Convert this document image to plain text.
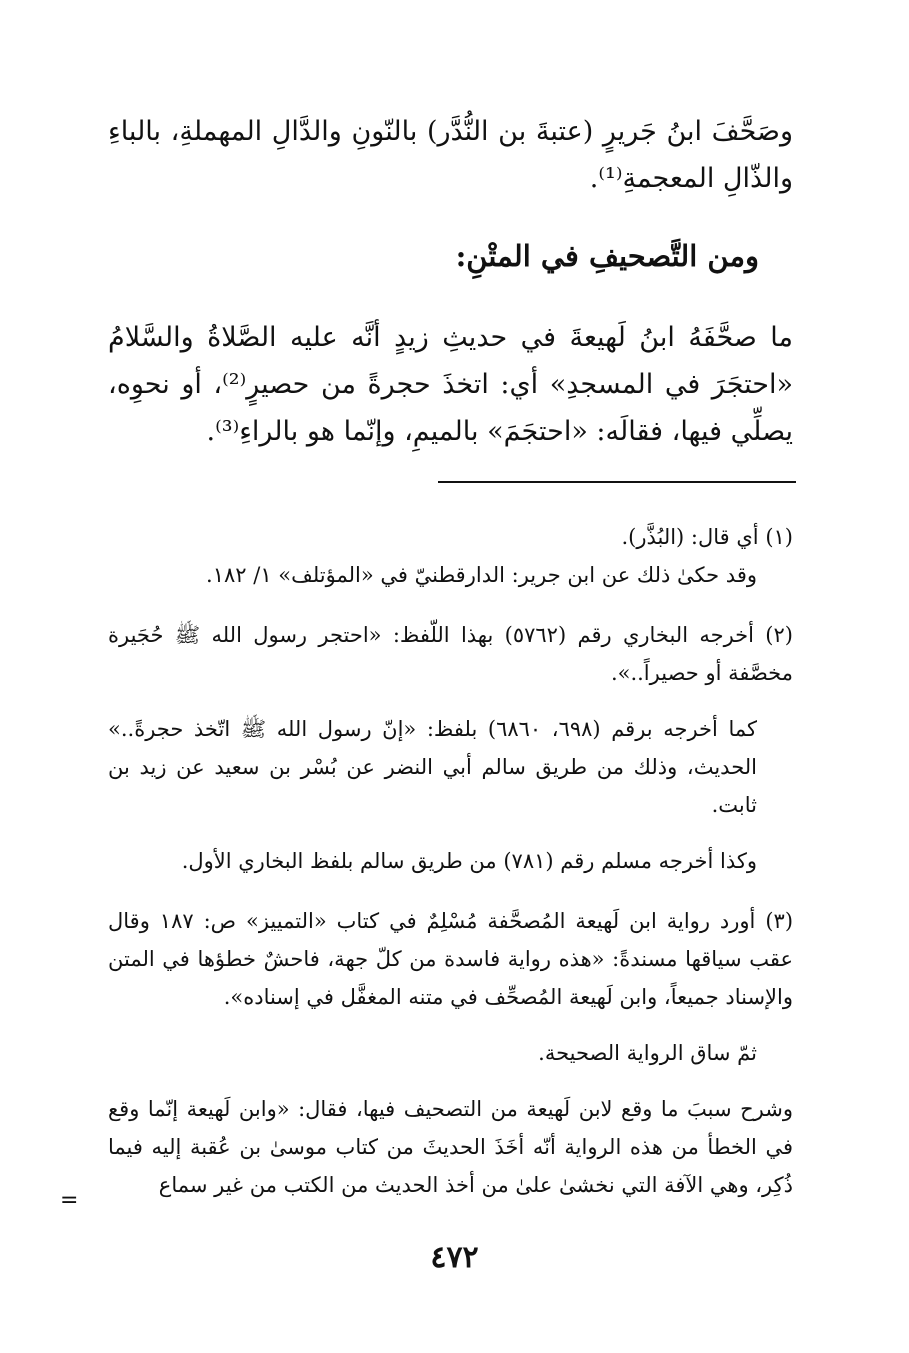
وصَحَّفَ ابنُ جَريرٍ (عتبةَ بن النُّدَّر) بالنّونِ والدَّالِ المهملةِ، بالباءِ والذّالِ المعجمةِ⁽¹⁾.

ومن التَّصحيفِ في المتْنِ:

ما صحَّفَهُ ابنُ لَهيعةَ في حديثِ زيدٍ أنَّه عليه الصَّلاةُ والسَّلامُ «احتجَرَ في المسجدِ» أي: اتخذَ حجرةً من حصيرٍ⁽²⁾، أو نحوِه، يصلِّي فيها، فقالَه: «احتجَمَ» بالميمِ، وإنّما هو بالراءِ⁽³⁾.

(١) أي قال: (البُذَّر).

وقد حكىٰ ذلك عن ابن جرير: الدارقطنيّ في «المؤتلف» ١/ ١٨٢.

(٢) أخرجه البخاري رقم (٥٧٦٢) بهذا اللّفظ: «احتجر رسول الله ﷺ حُجَيرة مخصَّفة أو حصيراً..».

كما أخرجه برقم (٦٩٨، ٦٨٦٠) بلفظ: «إنّ رسول الله ﷺ اتّخذ حجرةً..» الحديث، وذلك من طريق سالم أبي النضر عن بُسْر بن سعيد عن زيد بن ثابت.

وكذا أخرجه مسلم رقم (٧٨١) من طريق سالم بلفظ البخاري الأول.

(٣) أورد رواية ابن لَهيعة المُصحَّفة مُسْلِمٌ في كتاب «التمييز» ص: ١٨٧ وقال عقب سياقها مسندةً: «هذه رواية فاسدة من كلّ جهة، فاحشٌ خطؤها في المتن والإسناد جميعاً، وابن لَهيعة المُصحِّف في متنه المغفَّل في إسناده».

ثمّ ساق الرواية الصحيحة.

وشرح سببَ ما وقع لابن لَهيعة من التصحيف فيها، فقال: «وابن لَهيعة إنّما وقع في الخطأ من هذه الرواية أنّه أخَذَ الحديثَ من كتاب موسىٰ بن عُقبة إليه فيما ذُكِر، وهي الآفة التي نخشىٰ علىٰ من أخذ الحديث من الكتب من غير سماع

=
٤٧٢
